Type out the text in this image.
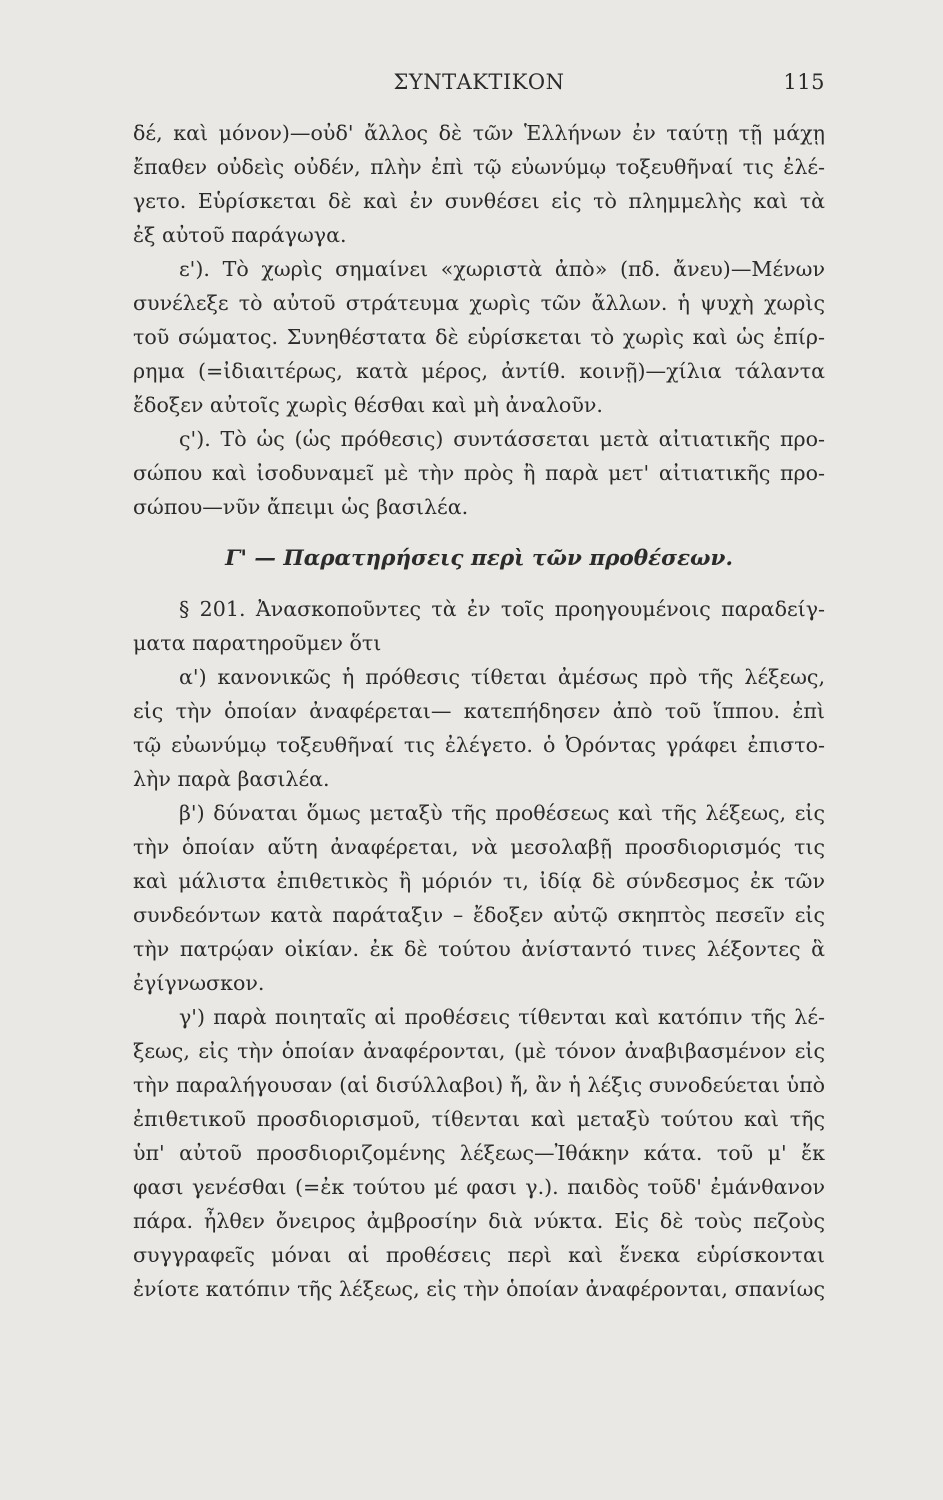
ΣΥΝΤΑΚΤΙΚΟΝ	115
δέ, καὶ μόνον)—οὐδ' ἄλλος δὲ τῶν Ἑλλήνων ἐν ταύτῃ τῇ μάχῃ
ἔπαθεν οὐδεὶς οὐδέν, πλὴν ἐπὶ τῷ εὐωνύμῳ τοξευθῆναί τις ἐλέ-
γετο. Εὑρίσκεται δὲ καὶ ἐν συνθέσει εἰς τὸ πλημμελὴς καὶ τὰ
ἐξ αὐτοῦ παράγωγα.
ε'). Τὸ χωρὶς σημαίνει «χωριστὰ ἀπὸ» (πδ. ἄνευ)—Μένων
συνέλεξε τὸ αὐτοῦ στράτευμα χωρὶς τῶν ἄλλων. ἡ ψυχὴ χωρὶς
τοῦ σώματος. Συνηθέστατα δὲ εὑρίσκεται τὸ χωρὶς καὶ ὡς ἐπίρ-
ρημα (=ἰδιαιτέρως, κατὰ μέρος, ἀντίθ. κοινῇ)—χίλια τάλαντα
ἔδοξεν αὐτοῖς χωρὶς θέσθαι καὶ μὴ ἀναλοῦν.
ς'). Τὸ ὡς (ὡς πρόθεσις) συντάσσεται μετὰ αἰτιατικῆς προ-
σώπου καὶ ἰσοδυναμεῖ μὲ τὴν πρὸς ἢ παρὰ μετ' αἰτιατικῆς προ-
σώπου—νῦν ἄπειμι ὡς βασιλέα.
Γ' — Παρατηρήσεις περὶ τῶν προθέσεων.
§ 201. Ἀνασκοποῦντες τὰ ἐν τοῖς προηγουμένοις παραδείγ-
ματα παρατηροῦμεν ὅτι
α') κανονικῶς ἡ πρόθεσις τίθεται ἀμέσως πρὸ τῆς λέξεως,
εἰς τὴν ὁποίαν ἀναφέρεται— κατεπήδησεν ἀπὸ τοῦ ἵππου. ἐπὶ
τῷ εὐωνύμῳ τοξευθῆναί τις ἐλέγετο. ὁ Ὀρόντας γράφει ἐπιστο-
λὴν παρὰ βασιλέα.
β') δύναται ὅμως μεταξὺ τῆς προθέσεως καὶ τῆς λέξεως, εἰς
τὴν ὁποίαν αὕτη ἀναφέρεται, νὰ μεσολαβῇ προσδιορισμός τις
καὶ μάλιστα ἐπιθετικὸς ἢ μόριόν τι, ἰδίᾳ δὲ σύνδεσμος ἐκ τῶν
συνδεόντων κατὰ παράταξιν – ἔδοξεν αὐτῷ σκηπτὸς πεσεῖν εἰς
τὴν πατρῴαν οἰκίαν. ἐκ δὲ τούτου ἀνίσταντό τινες λέξοντες ἃ
ἐγίγνωσκον.
γ') παρὰ ποιηταῖς αἱ προθέσεις τίθενται καὶ κατόπιν τῆς λέ-
ξεως, εἰς τὴν ὁποίαν ἀναφέρονται, (μὲ τόνον ἀναβιβασμένον εἰς
τὴν παραλήγουσαν (αἱ δισύλλαβοι) ἤ, ἂν ἡ λέξις συνοδεύεται ὑπὸ
ἐπιθετικοῦ προσδιορισμοῦ, τίθενται καὶ μεταξὺ τούτου καὶ τῆς
ὑπ' αὐτοῦ προσδιοριζομένης λέξεως—Ἰθάκην κάτα. τοῦ μ' ἔκ
φασι γενέσθαι (=ἐκ τούτου μέ φασι γ.). παιδὸς τοῦδ' ἐμάνθανον
πάρα. ἦλθεν ὄνειρος ἀμβροσίην διὰ νύκτα. Εἰς δὲ τοὺς πεζοὺς
συγγραφεῖς μόναι αἱ προθέσεις περὶ καὶ ἕνεκα εὑρίσκονται
ἐνίοτε κατόπιν τῆς λέξεως, εἰς τὴν ὁποίαν ἀναφέρονται, σπανίως
